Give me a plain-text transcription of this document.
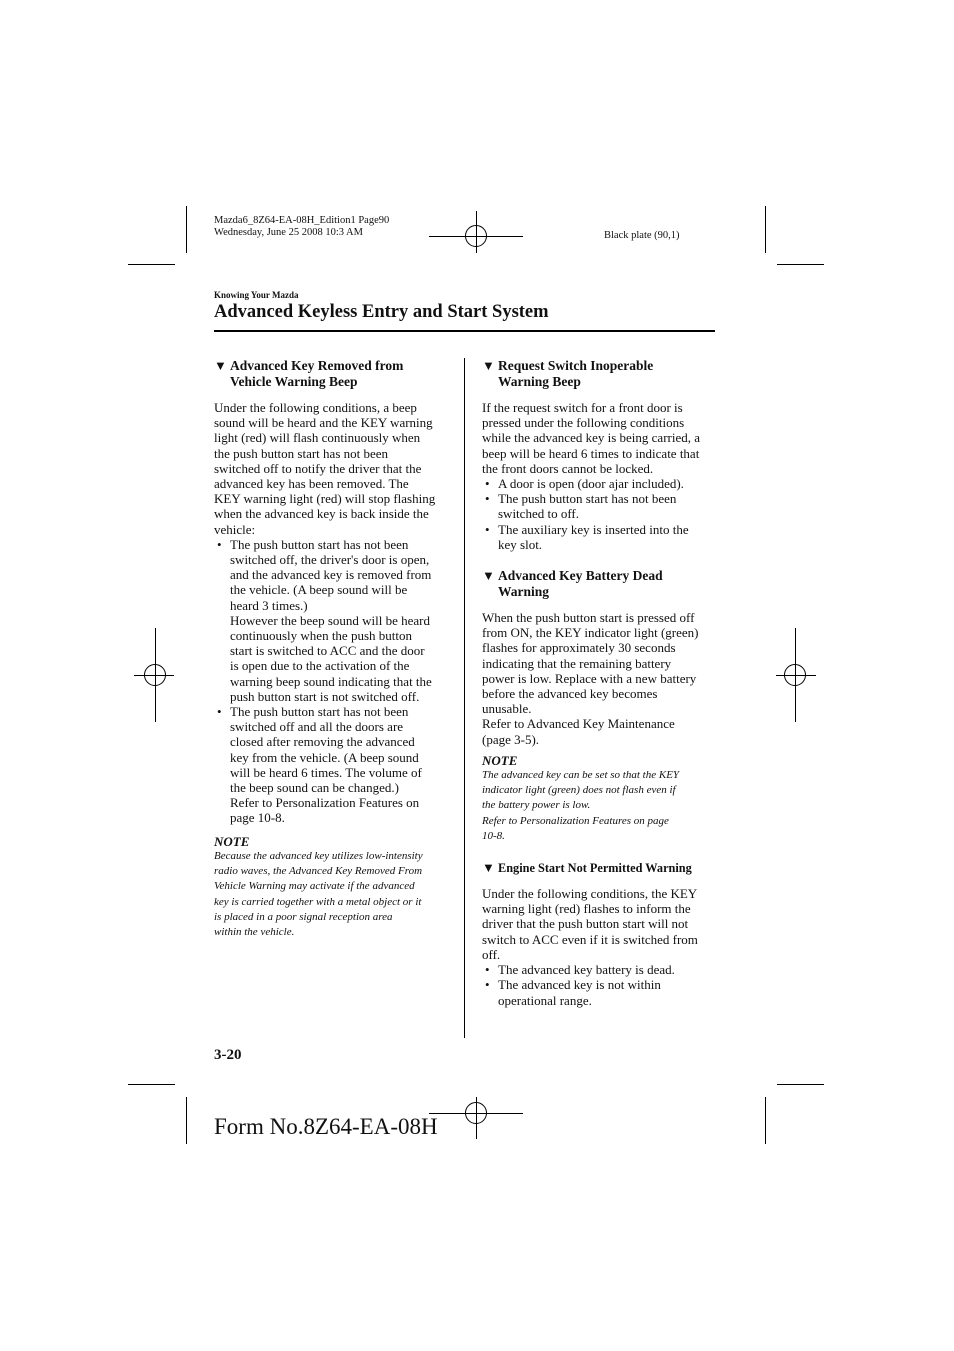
Mazda6_8Z64-EA-08H_Edition1 Page90
Wednesday, June 25 2008 10:3 AM	Black plate (90,1)
Knowing Your Mazda
Advanced Keyless Entry and Start System
▼ Advanced Key Removed from
Vehicle Warning Beep
Under the following conditions, a beep
sound will be heard and the KEY warning
light (red) will flash continuously when
the push button start has not been
switched off to notify the driver that the
advanced key has been removed. The
KEY warning light (red) will stop flashing
when the advanced key is back inside the
vehicle:
• The push button start has not been
switched off, the driver's door is open,
and the advanced key is removed from
the vehicle. (A beep sound will be
heard 3 times.)
However the beep sound will be heard
continuously when the push button
start is switched to ACC and the door
is open due to the activation of the
warning beep sound indicating that the
push button start is not switched off.
• The push button start has not been
switched off and all the doors are
closed after removing the advanced
key from the vehicle. (A beep sound
will be heard 6 times. The volume of
the beep sound can be changed.)
Refer to Personalization Features on
page 10-8.
NOTE
Because the advanced key utilizes low-intensity
radio waves, the Advanced Key Removed From
Vehicle Warning may activate if the advanced
key is carried together with a metal object or it
is placed in a poor signal reception area
within the vehicle.
▼ Request Switch Inoperable
Warning Beep
If the request switch for a front door is
pressed under the following conditions
while the advanced key is being carried, a
beep will be heard 6 times to indicate that
the front doors cannot be locked.
• A door is open (door ajar included).
• The push button start has not been
switched to off.
• The auxiliary key is inserted into the
key slot.
▼ Advanced Key Battery Dead
Warning
When the push button start is pressed off
from ON, the KEY indicator light (green)
flashes for approximately 30 seconds
indicating that the remaining battery
power is low. Replace with a new battery
before the advanced key becomes
unusable.
Refer to Advanced Key Maintenance
(page 3-5).
NOTE
The advanced key can be set so that the KEY
indicator light (green) does not flash even if
the battery power is low.
Refer to Personalization Features on page
10-8.
▼ Engine Start Not Permitted Warning
Under the following conditions, the KEY
warning light (red) flashes to inform the
driver that the push button start will not
switch to ACC even if it is switched from
off.
• The advanced key battery is dead.
• The advanced key is not within
operational range.
3-20
Form No.8Z64-EA-08H
